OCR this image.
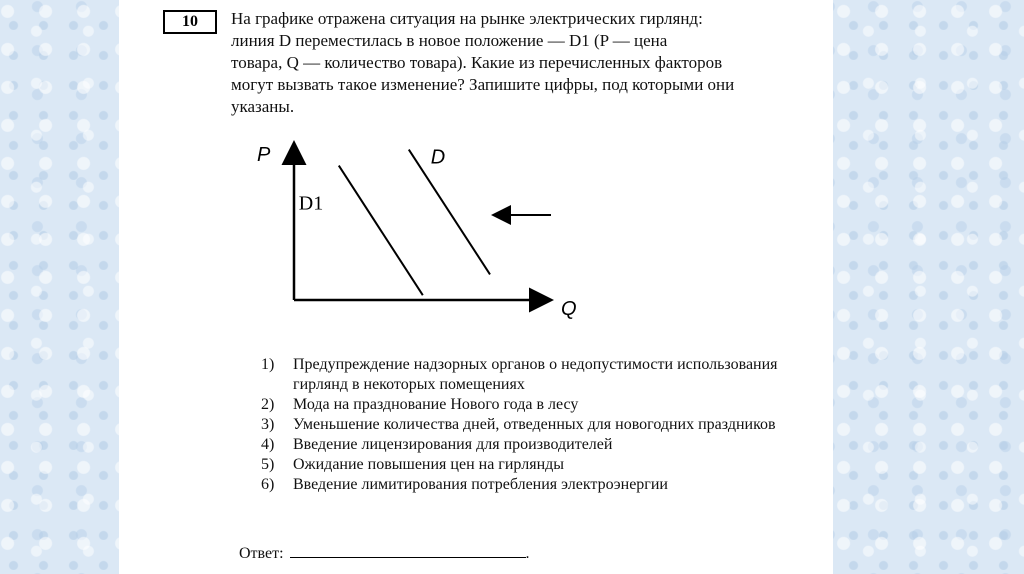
10	На графике отражена ситуация на рынке электрических гирлянд:

линия D переместилась в новое положение — D1 (P — цена

товара, Q — количество товара). Какие из перечисленных факторов

могут вызвать такое изменение? Запишите цифры, под которыми они

указаны.

P
Q
D
D1
1)	Предупреждение надзорных органов о недопустимости использования гирлянд в некоторых помещениях
2)	Мода на празднование Нового года в лесу
3)	Уменьшение количества дней, отведенных для новогодних праздников
4)	Введение лицензирования для производителей
5)	Ожидание повышения цен на гирлянды
6)	Введение лимитирования потребления электроэнергии
Ответ:	.
